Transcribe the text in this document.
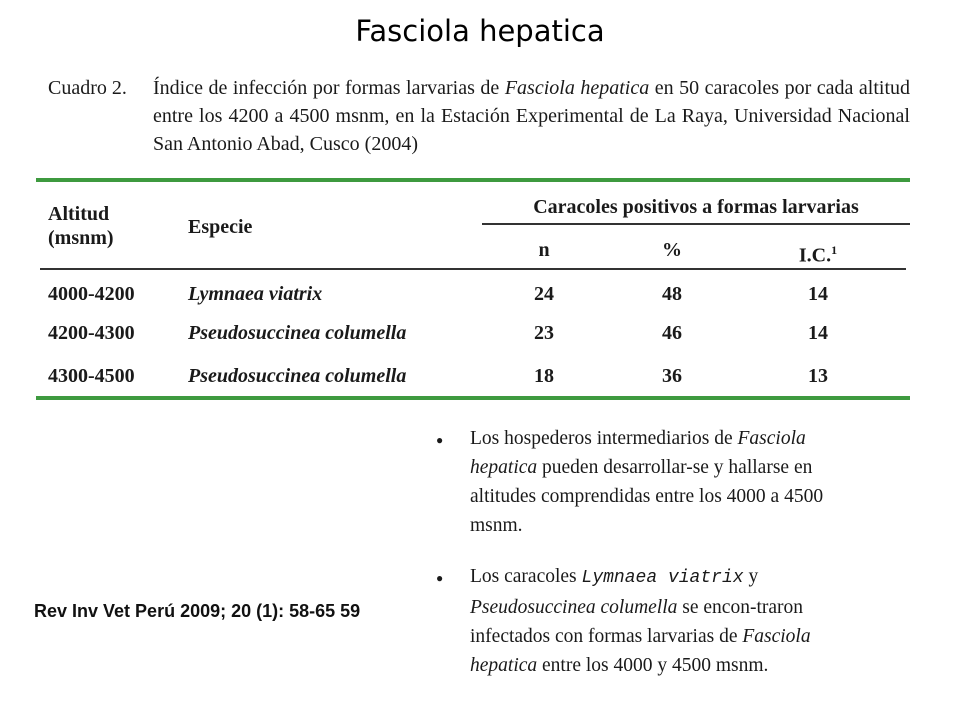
Fasciola hepatica
Cuadro 2. Índice de infección por formas larvarias de Fasciola hepatica en 50 caracoles por cada altitud entre los 4200 a 4500 msnm, en la Estación Experimental de La Raya, Universidad Nacional San Antonio Abad, Cusco (2004)
Altitud (msnm)	Especie
Caracoles positivos a formas larvarias
n	%	I.C.$^1$
4000-4200	Lymnaea viatrix	24	48	14
4200-4300	Pseudosuccinea columella	23	46	14
4300-4500	Pseudosuccinea columella	18	36	13
● Los hospederos intermediarios de Fasciola hepatica pueden desarrollar-se y hallarse en altitudes comprendidas entre los 4000 a 4500 msnm.
● Los caracoles Lymnaea viatrix y Pseudosuccinea columella se encon-traron infectados con formas larvarias de Fasciola hepatica entre los 4000 y 4500 msnm.
Rev Inv Vet Perú 2009; 20 (1): 58-65 59
